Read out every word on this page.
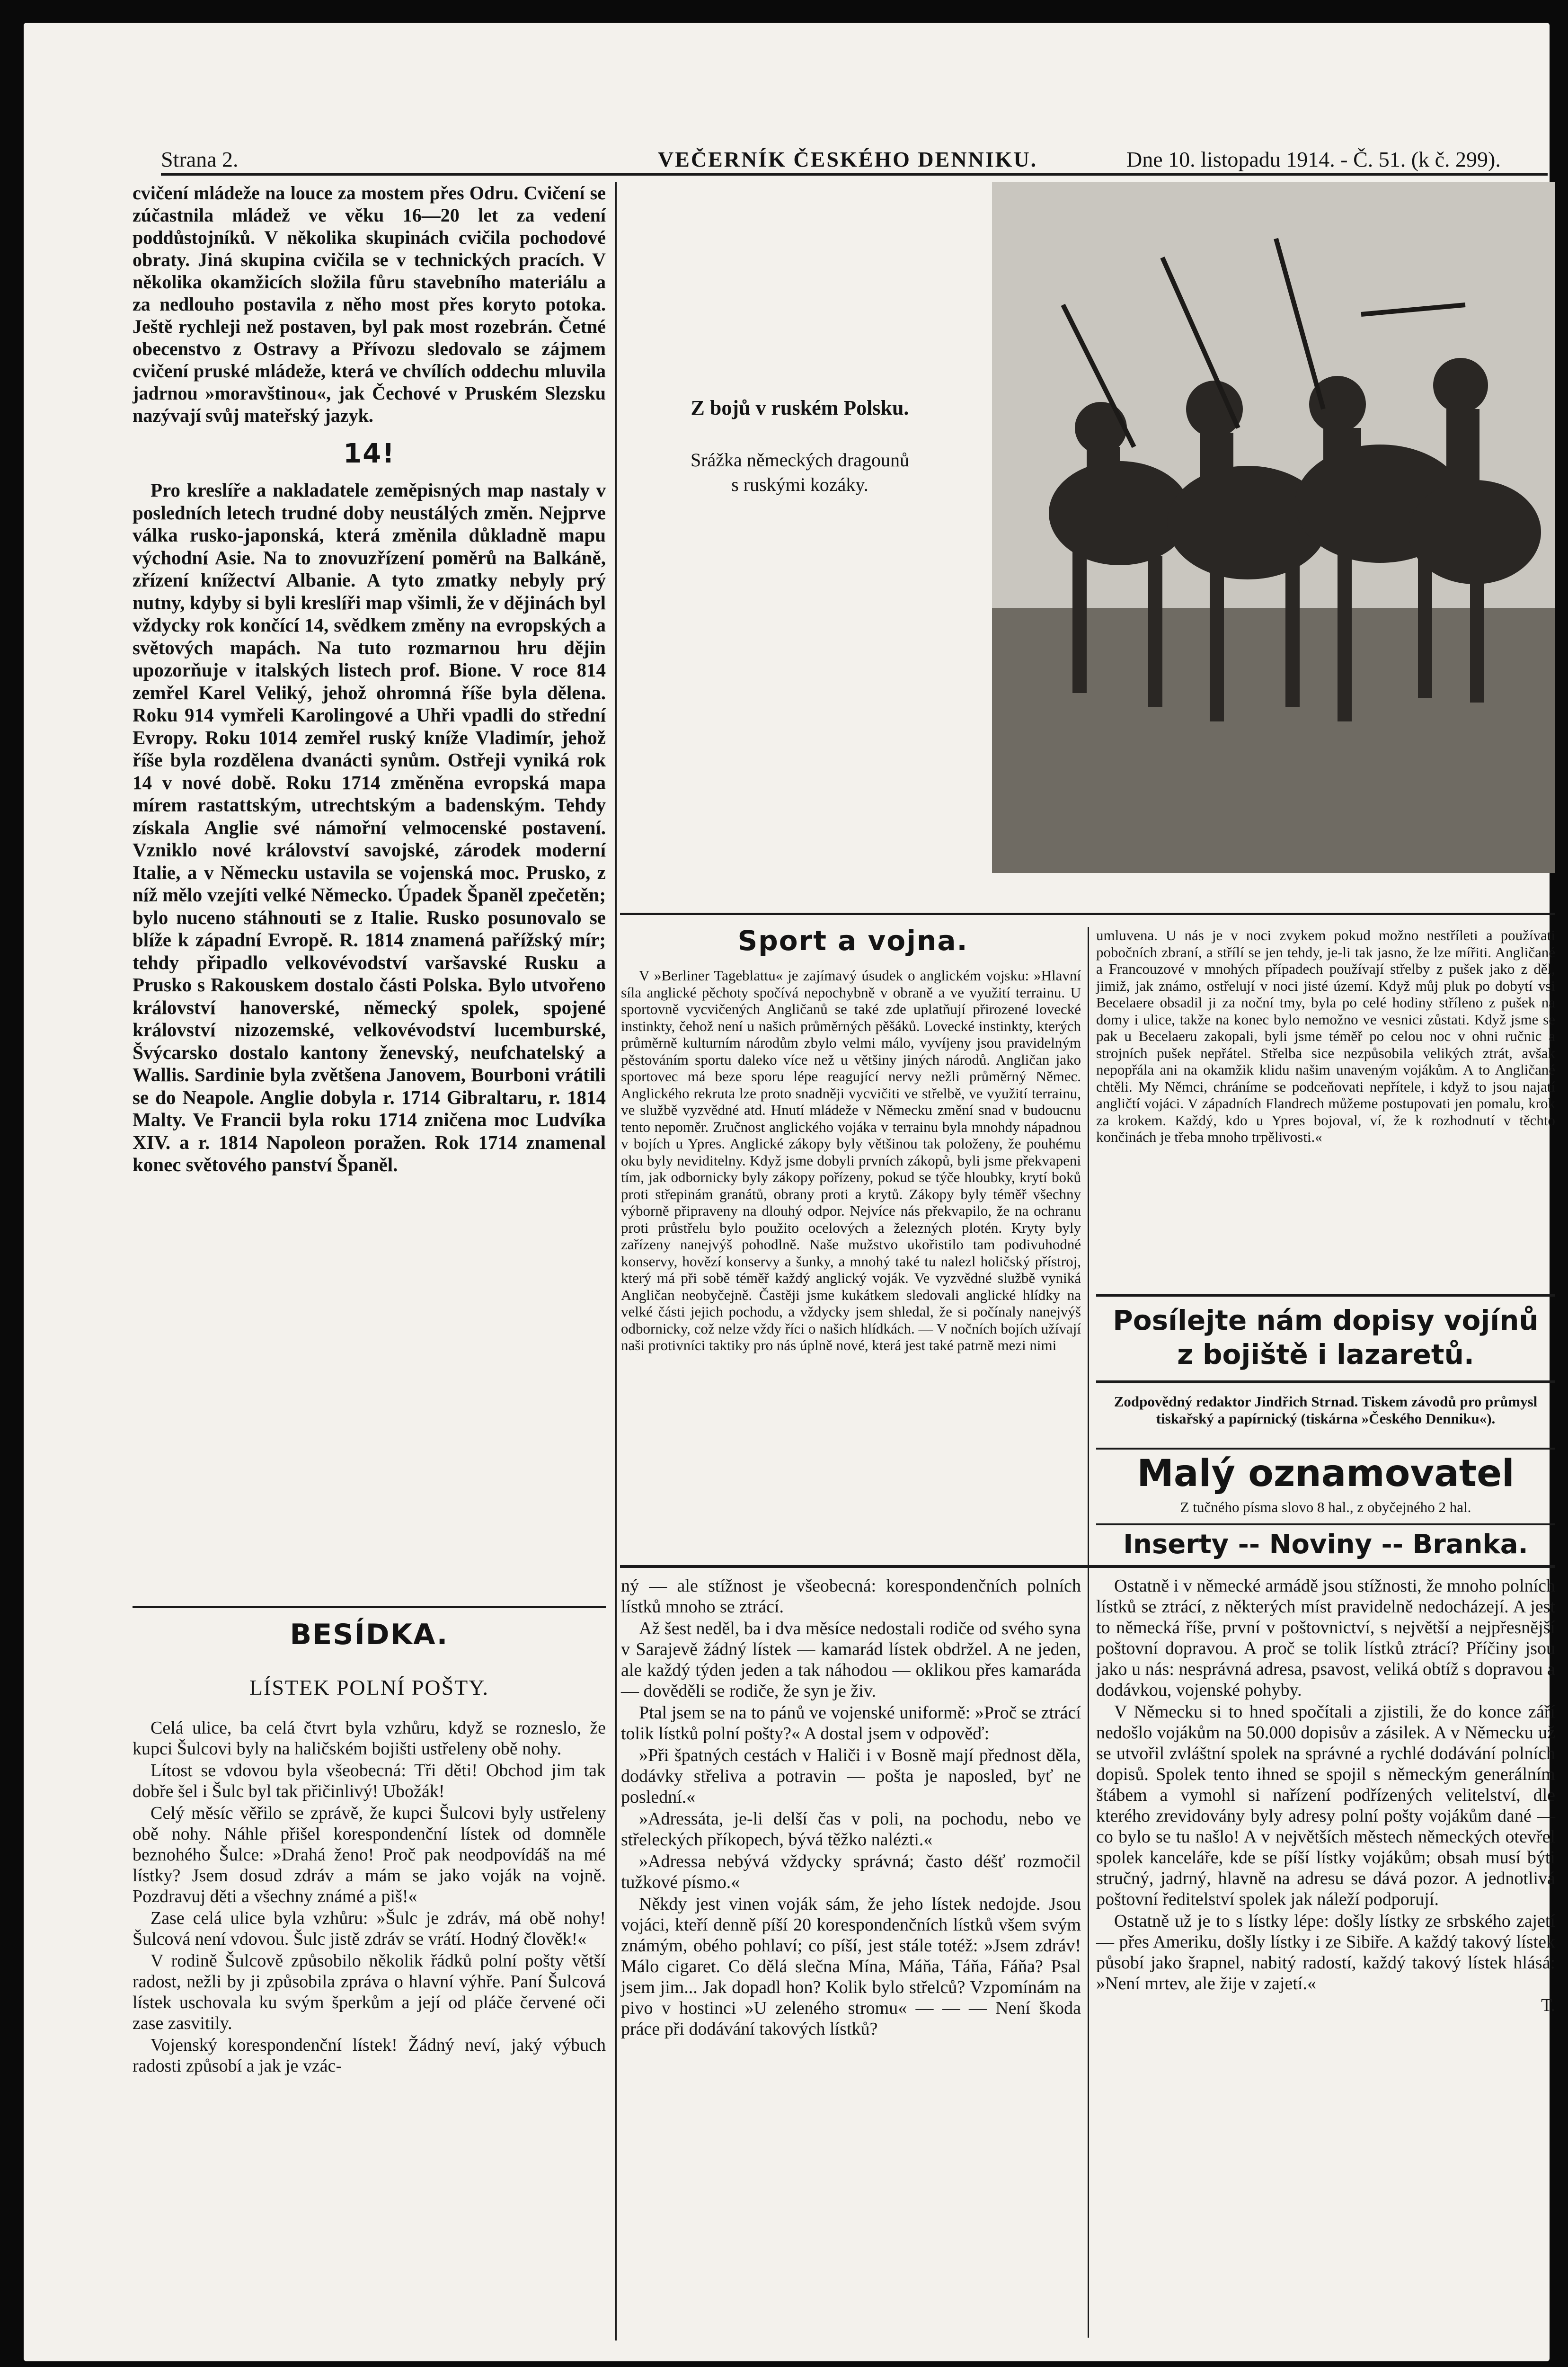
Strana 2.	VEČERNÍK ČESKÉHO DENNIKU.	Dne 10. listopadu 1914. - Č. 51. (k č. 299).

cvičení mládeže na louce za mostem přes Odru. Cvičení se zúčastnila mládež ve věku 16—20 let za vedení poddůstojníků. V několika skupinách cvičila pochodové obraty. Jiná skupina cvičila se v technických pracích. V několika okamžicích složila fůru stavebního materiálu a za nedlouho postavila z něho most přes koryto potoka. Ještě rychleji než postaven, byl pak most rozebrán. Četné obecenstvo z Ostravy a Přívozu sledovalo se zájmem cvičení pruské mládeže, která ve chvílích oddechu mluvila jadrnou »moravštinou«, jak Čechové v Pruském Slezsku nazývají svůj mateřský jazyk.

14!

Pro kreslíře a nakladatele zeměpisných map nastaly v posledních letech trudné doby neustálých změn. Nejprve válka rusko-japonská, která změnila důkladně mapu východní Asie. Na to znovuzřízení poměrů na Balkáně, zřízení knížectví Albanie. A tyto zmatky nebyly prý nutny, kdyby si byli kreslíři map všimli, že v dějinách byl vždycky rok končící 14, svědkem změny na evropských a světových mapách. Na tuto rozmarnou hru dějin upozorňuje v italských listech prof. Bione. V roce 814 zemřel Karel Veliký, jehož ohromná říše byla dělena. Roku 914 vymřeli Karolingové a Uhři vpadli do střední Evropy. Roku 1014 zemřel ruský kníže Vladimír, jehož říše byla rozdělena dvanácti synům. Ostřeji vyniká rok 14 v nové době. Roku 1714 změněna evropská mapa mírem rastattským, utrechtským a badenským. Tehdy získala Anglie své námořní velmocenské postavení. Vzniklo nové království savojské, zárodek moderní Italie, a v Německu ustavila se vojenská moc. Prusko, z níž mělo vzejíti velké Německo. Úpadek Španěl zpečetěn; bylo nuceno stáhnouti se z Italie. Rusko posunovalo se blíže k západní Evropě. R. 1814 znamená pařížský mír; tehdy připadlo velkovévodství varšavské Rusku a Prusko s Rakouskem dostalo části Polska. Bylo utvořeno království hanoverské, německý spolek, spojené království nizozemské, velkovévodství lucemburské, Švýcarsko dostalo kantony ženevský, neufchatelský a Wallis. Sardinie byla zvětšena Janovem, Bourboni vrátili se do Neapole. Anglie dobyla r. 1714 Gibraltaru, r. 1814 Malty. Ve Francii byla roku 1714 zničena moc Ludvíka XIV. a r. 1814 Napoleon poražen. Rok 1714 znamenal konec světového panství Španěl.

BESÍDKA.
LÍSTEK POLNÍ POŠTY.

Celá ulice, ba celá čtvrt byla vzhůru, když se rozneslo, že kupci Šulcovi byly na haličském bojišti ustřeleny obě nohy.

Lítost se vdovou byla všeobecná: Tři děti! Obchod jim tak dobře šel i Šulc byl tak přičinlivý! Ubožák!

Celý měsíc věřilo se zprávě, že kupci Šulcovi byly ustřeleny obě nohy. Náhle přišel korespondenční lístek od domněle beznohého Šulce: »Drahá ženo! Proč pak neodpovídáš na mé lístky? Jsem dosud zdráv a mám se jako voják na vojně. Pozdravuj děti a všechny známé a piš!«

Zase celá ulice byla vzhůru: »Šulc je zdráv, má obě nohy! Šulcová není vdovou. Šulc jistě zdráv se vrátí. Hodný člověk!«

V rodině Šulcově způsobilo několik řádků polní pošty větší radost, nežli by ji způsobila zpráva o hlavní výhře. Paní Šulcová lístek uschovala ku svým šperkům a její od pláče červené oči zase zasvitily.

Vojenský korespondenční lístek! Žádný neví, jaký výbuch radosti způsobí a jak je vzác-

Z bojů v ruském Polsku.
Srážka německých dragounů
s ruskými kozáky.
Sport a vojna.

V »Berliner Tageblattu« je zajímavý úsudek o anglickém vojsku: »Hlavní síla anglické pěchoty spočívá nepochybně v obraně a ve využití terrainu. U sportovně vycvičených Angličanů se také zde uplatňují přirozené lovecké instinkty, čehož není u našich průměrných pěšáků. Lovecké instinkty, kterých průměrně kulturním národům zbylo velmi málo, vyvíjeny jsou pravidelným pěstováním sportu daleko více než u většiny jiných národů. Angličan jako sportovec má beze sporu lépe reagující nervy nežli průměrný Němec. Anglického rekruta lze proto snadněji vycvičiti ve střelbě, ve využití terrainu, ve službě vyzvědné atd. Hnutí mládeže v Německu změní snad v budoucnu tento nepoměr. Zručnost anglického vojáka v terrainu byla mnohdy nápadnou v bojích u Ypres. Anglické zákopy byly většinou tak položeny, že pouhému oku byly neviditelny. Když jsme dobyli prvních zákopů, byli jsme překvapeni tím, jak odbornicky byly zákopy pořízeny, pokud se týče hloubky, krytí boků proti střepinám granátů, obrany proti a krytů. Zákopy byly téměř všechny výborně připraveny na dlouhý odpor. Nejvíce nás překvapilo, že na ochranu proti průstřelu bylo použito ocelových a železných plotén. Kryty byly zařízeny nanejvýš pohodlně. Naše mužstvo ukořistilo tam podivuhodné konservy, hovězí konservy a šunky, a mnohý také tu nalezl holičský přístroj, který má při sobě téměř každý anglický voják. Ve vyzvědné službě vyniká Angličan neobyčejně. Častěji jsme kukátkem sledovali anglické hlídky na velké části jejich pochodu, a vždycky jsem shledal, že si počínaly nanejvýš odbornicky, což nelze vždy říci o našich hlídkách. — V nočních bojích užívají naši protivníci taktiky pro nás úplně nové, která jest také patrně mezi nimi

umluvena. U nás je v noci zvykem pokud možno nestříleti a používati pobočních zbraní, a střílí se jen tehdy, je-li tak jasno, že lze mířiti. Angličané a Francouzové v mnohých případech používají střelby z pušek jako z děl, jimiž, jak známo, ostřelují v noci jisté území. Když můj pluk po dobytí vsi Becelaere obsadil ji za noční tmy, byla po celé hodiny stříleno z pušek na domy i ulice, takže na konec bylo nemožno ve vesnici zůstati. Když jsme se pak u Becelaeru zakopali, byli jsme téměř po celou noc v ohni ručnic a strojních pušek nepřátel. Střelba sice nezpůsobila velikých ztrát, avšak nepopřála ani na okamžik klidu našim unaveným vojákům. A to Angličané chtěli. My Němci, chráníme se podceňovati nepřítele, i když to jsou najatí angličtí vojáci. V západních Flandrech můžeme postupovati jen pomalu, krok za krokem. Každý, kdo u Ypres bojoval, ví, že k rozhodnutí v těchto končinách je třeba mnoho trpělivosti.«

Posílejte nám dopisy vojínů
z bojiště i lazaretů.
Zodpovědný redaktor Jindřich Strnad. Tiskem závodů pro průmysl tiskařský a papírnický (tiskárna »Českého Denniku«).
Malý oznamovatel
Z tučného písma slovo 8 hal., z obyčejného 2 hal.
Inserty -- Noviny -- Branka.

ný — ale stížnost je všeobecná: korespondenčních polních lístků mnoho se ztrácí.

Až šest neděl, ba i dva měsíce nedostali rodiče od svého syna v Sarajevě žádný lístek — kamarád lístek obdržel. A ne jeden, ale každý týden jeden a tak náhodou — oklikou přes kamaráda — dověděli se rodiče, že syn je živ.

Ptal jsem se na to pánů ve vojenské uniformě: »Proč se ztrácí tolik lístků polní pošty?« A dostal jsem v odpověď:

»Při špatných cestách v Haliči i v Bosně mají přednost děla, dodávky střeliva a potravin — pošta je naposled, byť ne poslední.«

»Adressáta, je-li delší čas v poli, na pochodu, nebo ve střeleckých příkopech, bývá těžko nalézti.«

»Adressa nebývá vždycky správná; často déšť rozmočil tužkové písmo.«

Někdy jest vinen voják sám, že jeho lístek nedojde. Jsou vojáci, kteří denně píší 20 korespondenčních lístků všem svým známým, obého pohlaví; co píší, jest stále totéž: »Jsem zdráv! Málo cigaret. Co dělá slečna Mína, Máňa, Táňa, Fáňa? Psal jsem jim... Jak dopadl hon? Kolik bylo střelců? Vzpomínám na pivo v hostinci »U zeleného stromu« — — — Není škoda práce při dodávání takových lístků?

Ostatně i v německé armádě jsou stížnosti, že mnoho polních lístků se ztrácí, z některých míst pravidelně nedocházejí. A jest to německá říše, první v poštovnictví, s největší a nejpřesnější poštovní dopravou. A proč se tolik lístků ztrácí? Příčiny jsou jako u nás: nesprávná adresa, psavost, veliká obtíž s dopravou a dodávkou, vojenské pohyby.

V Německu si to hned spočítali a zjistili, že do konce září nedošlo vojákům na 50.000 dopisův a zásilek. A v Německu už se utvořil zvláštní spolek na správné a rychlé dodávání polních dopisů. Spolek tento ihned se spojil s německým generálním štábem a vymohl si nařízení podřízených velitelství, dle kterého zrevidovány byly adresy polní pošty vojákům dané — co bylo se tu našlo! A v největších městech německých otevřel spolek kanceláře, kde se píší lístky vojákům; obsah musí býti stručný, jadrný, hlavně na adresu se dává pozor. A jednotlivá poštovní ředitelství spolek jak náleží podporují.

Ostatně už je to s lístky lépe: došly lístky ze srbského zajetí — přes Ameriku, došly lístky i ze Sibiře. A každý takový lístek působí jako šrapnel, nabitý radostí, každý takový lístek hlásá: »Není mrtev, ale žije v zajetí.«

T.
